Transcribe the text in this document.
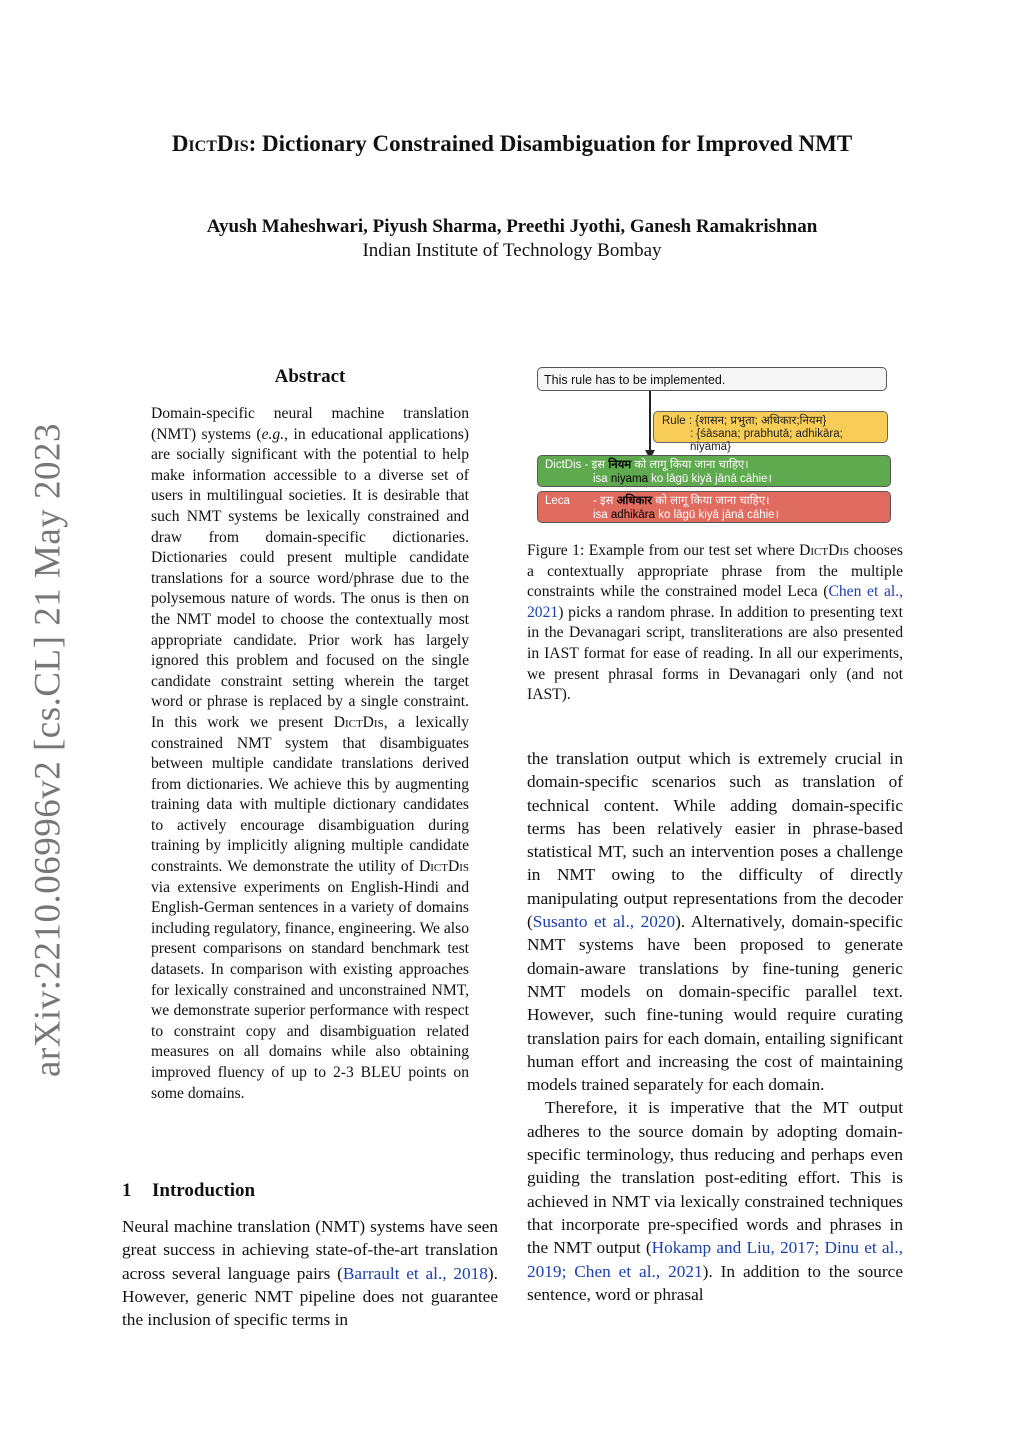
arXiv:2210.06996v2 [cs.CL] 21 May 2023
DictDis: Dictionary Constrained Disambiguation for Improved NMT
Ayush Maheshwari, Piyush Sharma, Preethi Jyothi, Ganesh Ramakrishnan
Indian Institute of Technology Bombay
Abstract
Domain-specific neural machine translation (NMT) systems (e.g., in educational applications) are socially significant with the potential to help make information accessible to a diverse set of users in multilingual societies. It is desirable that such NMT systems be lexically constrained and draw from domain-specific dictionaries. Dictionaries could present multiple candidate translations for a source word/phrase due to the polysemous nature of words. The onus is then on the NMT model to choose the contextually most appropriate candidate. Prior work has largely ignored this problem and focused on the single candidate constraint setting wherein the target word or phrase is replaced by a single constraint. In this work we present DictDis, a lexically constrained NMT system that disambiguates between multiple candidate translations derived from dictionaries. We achieve this by augmenting training data with multiple dictionary candidates to actively encourage disambiguation during training by implicitly aligning multiple candidate constraints. We demonstrate the utility of DictDis via extensive experiments on English-Hindi and English-German sentences in a variety of domains including regulatory, finance, engineering. We also present comparisons on standard benchmark test datasets. In comparison with existing approaches for lexically constrained and unconstrained NMT, we demonstrate superior performance with respect to constraint copy and disambiguation related measures on all domains while also obtaining improved fluency of up to 2-3 BLEU points on some domains.
1 Introduction
Neural machine translation (NMT) systems have seen great success in achieving state-of-the-art translation across several language pairs (Barrault et al., 2018). However, generic NMT pipeline does not guarantee the inclusion of specific terms in
This rule has to be implemented.
Rule : {शासन; प्रभुता; अधिकार;नियम}
: {śāsana; prabhutā; adhikāra; niyama}
DictDis - इस नियम को लागू किया जाना चाहिए।
isa niyama ko lāgū kiyā jānā cāhie।
Leca - इस अधिकार को लागू किया जाना चाहिए।
isa adhikāra ko lāgū kiyā jānā cāhie।
Figure 1: Example from our test set where DictDis chooses a contextually appropriate phrase from the multiple constraints while the constrained model Leca (Chen et al., 2021) picks a random phrase. In addition to presenting text in the Devanagari script, transliterations are also presented in IAST format for ease of reading. In all our experiments, we present phrasal forms in Devanagari only (and not IAST).

the translation output which is extremely crucial in domain-specific scenarios such as translation of technical content. While adding domain-specific terms has been relatively easier in phrase-based statistical MT, such an intervention poses a challenge in NMT owing to the difficulty of directly manipulating output representations from the decoder (Susanto et al., 2020). Alternatively, domain-specific NMT systems have been proposed to generate domain-aware translations by fine-tuning generic NMT models on domain-specific parallel text. However, such fine-tuning would require curating translation pairs for each domain, entailing significant human effort and increasing the cost of maintaining models trained separately for each domain.

Therefore, it is imperative that the MT output adheres to the source domain by adopting domain-specific terminology, thus reducing and perhaps even guiding the translation post-editing effort. This is achieved in NMT via lexically constrained techniques that incorporate pre-specified words and phrases in the NMT output (Hokamp and Liu, 2017; Dinu et al., 2019; Chen et al., 2021). In addition to the source sentence, word or phrasal
